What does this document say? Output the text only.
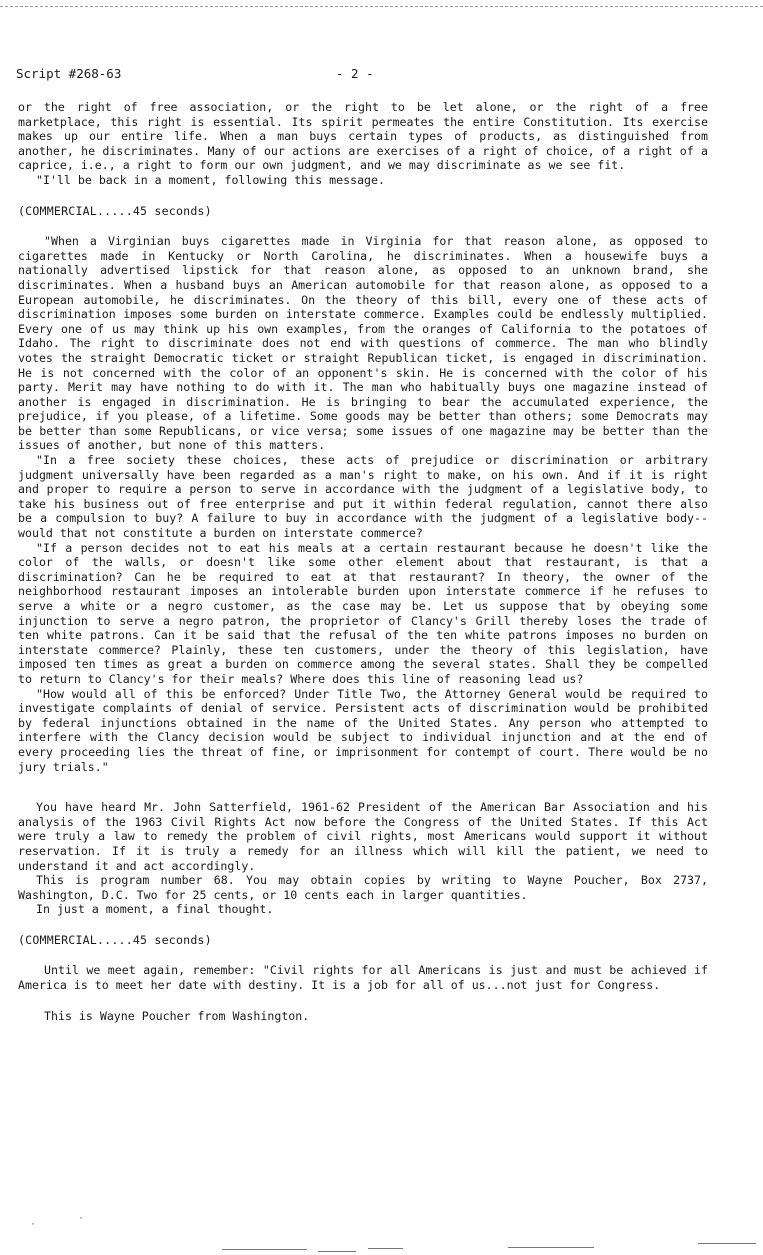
Script #268-63	- 2 -

or the right of free association, or the right to be let alone, or the right of a free marketplace, this right is essential. Its spirit permeates the entire Constitution. Its exercise makes up our entire life. When a man buys certain types of products, as distinguished from another, he discriminates. Many of our actions are exercises of a right of choice, of a right of a caprice, i.e., a right to form our own judgment, and we may discriminate as we see fit.

"I'll be back in a moment, following this message.

(COMMERCIAL.....45 seconds)

"When a Virginian buys cigarettes made in Virginia for that reason alone, as opposed to cigarettes made in Kentucky or North Carolina, he discriminates. When a housewife buys a nationally advertised lipstick for that reason alone, as opposed to an unknown brand, she discriminates. When a husband buys an American automobile for that reason alone, as opposed to a European automobile, he discriminates. On the theory of this bill, every one of these acts of discrimination imposes some burden on interstate commerce. Examples could be endlessly multiplied. Every one of us may think up his own examples, from the oranges of California to the potatoes of Idaho. The right to discriminate does not end with questions of commerce. The man who blindly votes the straight Democratic ticket or straight Republican ticket, is engaged in discrimination. He is not concerned with the color of an opponent's skin. He is concerned with the color of his party. Merit may have nothing to do with it. The man who habitually buys one magazine instead of another is engaged in discrimination. He is bringing to bear the accumulated experience, the prejudice, if you please, of a lifetime. Some goods may be better than others; some Democrats may be better than some Republicans, or vice versa; some issues of one magazine may be better than the issues of another, but none of this matters.

"In a free society these choices, these acts of prejudice or discrimination or arbitrary judgment universally have been regarded as a man's right to make, on his own. And if it is right and proper to require a person to serve in accordance with the judgment of a legislative body, to take his business out of free enterprise and put it within federal regulation, cannot there also be a compulsion to buy? A failure to buy in accordance with the judgment of a legislative body--would that not constitute a burden on interstate commerce?

"If a person decides not to eat his meals at a certain restaurant because he doesn't like the color of the walls, or doesn't like some other element about that restaurant, is that a discrimination? Can he be required to eat at that restaurant? In theory, the owner of the neighborhood restaurant imposes an intolerable burden upon interstate commerce if he refuses to serve a white or a negro customer, as the case may be. Let us suppose that by obeying some injunction to serve a negro patron, the proprietor of Clancy's Grill thereby loses the trade of ten white patrons. Can it be said that the refusal of the ten white patrons imposes no burden on interstate commerce? Plainly, these ten customers, under the theory of this legislation, have imposed ten times as great a burden on commerce among the several states. Shall they be compelled to return to Clancy's for their meals? Where does this line of reasoning lead us?

"How would all of this be enforced? Under Title Two, the Attorney General would be required to investigate complaints of denial of service. Persistent acts of discrimination would be prohibited by federal injunctions obtained in the name of the United States. Any person who attempted to interfere with the Clancy decision would be subject to individual injunction and at the end of every proceeding lies the threat of fine, or imprisonment for contempt of court. There would be no jury trials."

You have heard Mr. John Satterfield, 1961-62 President of the American Bar Association and his analysis of the 1963 Civil Rights Act now before the Congress of the United States. If this Act were truly a law to remedy the problem of civil rights, most Americans would support it without reservation. If it is truly a remedy for an illness which will kill the patient, we need to understand it and act accordingly.

This is program number 68. You may obtain copies by writing to Wayne Poucher, Box 2737, Washington, D.C. Two for 25 cents, or 10 cents each in larger quantities.

In just a moment, a final thought.

(COMMERCIAL.....45 seconds)

Until we meet again, remember: "Civil rights for all Americans is just and must be achieved if America is to meet her date with destiny. It is a job for all of us...not just for Congress.

This is Wayne Poucher from Washington.

·
·
